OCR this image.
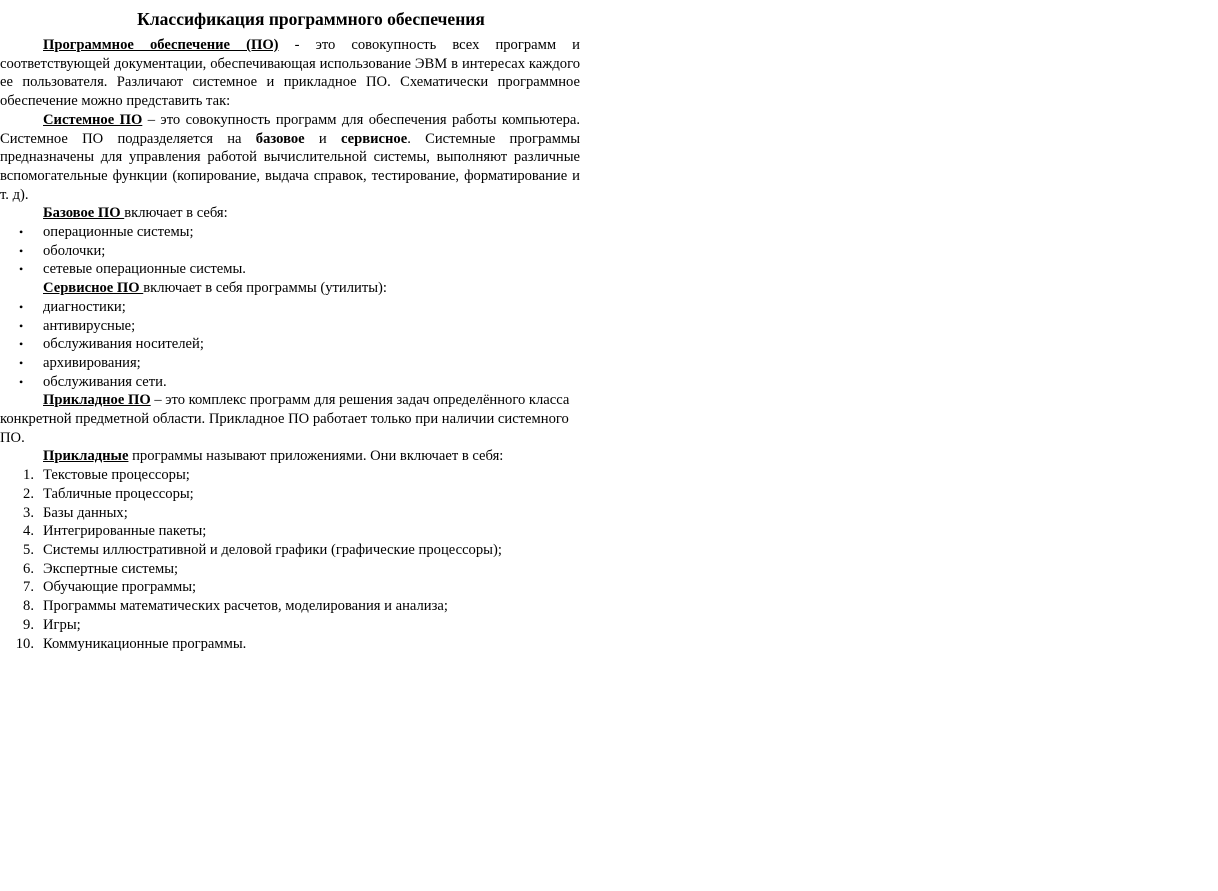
Классификация программного обеспечения

Программное обеспечение (ПО) - это совокупность всех программ и соответствующей документации, обеспечивающая использование ЭВМ в интересах каждого ее пользователя. Различают системное и прикладное ПО. Схематически программное обеспечение можно представить так:

Системное ПО – это совокупность программ для обеспечения работы компьютера. Системное ПО подразделяется на базовое и сервисное. Системные программы предназначены для управления работой вычислительной системы, выполняют различные вспомогательные функции (копирование, выдача справок, тестирование, форматирование и т. д).

Базовое ПО включает в себя:

• операционные системы;
• оболочки;
• сетевые операционные системы.

Сервисное ПО включает в себя программы (утилиты):

• диагностики;
• антивирусные;
• обслуживания носителей;
• архивирования;
• обслуживания сети.

Прикладное ПО – это комплекс программ для решения задач определённого класса конкретной предметной области. Прикладное ПО работает только при наличии системного ПО.

Прикладные программы называют приложениями. Они включает в себя:

1. Текстовые процессоры;
2. Табличные процессоры;
3. Базы данных;
4. Интегрированные пакеты;
5. Системы иллюстративной и деловой графики (графические процессоры);
6. Экспертные системы;
7. Обучающие программы;
8. Программы математических расчетов, моделирования и анализа;
9. Игры;
10. Коммуникационные программы.
